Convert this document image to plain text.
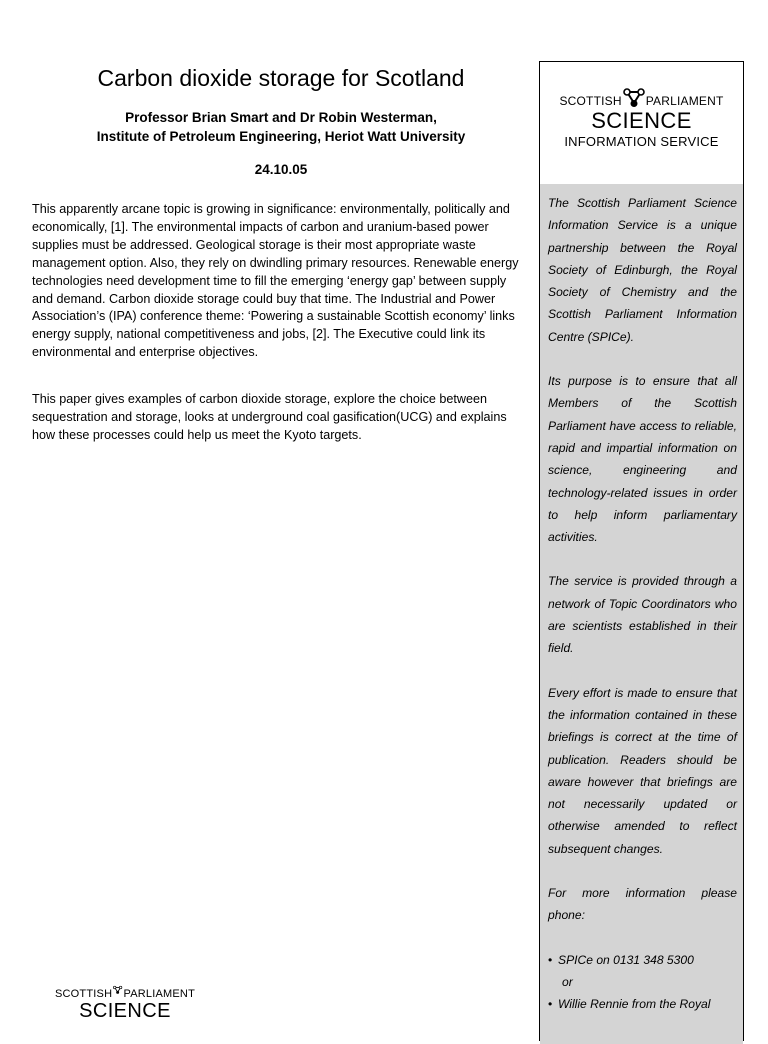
Carbon dioxide storage for Scotland
Professor Brian Smart and Dr Robin Westerman,
Institute of Petroleum Engineering, Heriot Watt University
24.10.05

This apparently arcane topic is growing in significance: environmentally, politically and economically, [1]. The environmental impacts of carbon and uranium-based power supplies must be addressed. Geological storage is their most appropriate waste management option. Also, they rely on dwindling primary resources. Renewable energy technologies need development time to fill the emerging ‘energy gap’ between supply and demand. Carbon dioxide storage could buy that time. The Industrial and Power Association’s (IPA) conference theme: ‘Powering a sustainable Scottish economy’ links energy supply, national competitiveness and jobs, [2]. The Executive could link its environmental and enterprise objectives.

This paper gives examples of carbon dioxide storage, explore the choice between sequestration and storage, looks at underground coal gasification(UCG) and explains how these processes could help us meet the Kyoto targets.

SCOTTISH PARLIAMENT
SCIENCE
SCOTTISH PARLIAMENT
SCIENCE
INFORMATION SERVICE

The Scottish Parliament Science Information Service is a unique partnership between the Royal Society of Edinburgh, the Royal Society of Chemistry and the Scottish Parliament Information Centre (SPICe).

Its purpose is to ensure that all Members of the Scottish Parliament have access to reliable, rapid and impartial information on science, engineering and technology-related issues in order to help inform parliamentary activities.

The service is provided through a network of Topic Coordinators who are scientists established in their field.

Every effort is made to ensure that the information contained in these briefings is correct at the time of publication. Readers should be aware however that briefings are not necessarily updated or otherwise amended to reflect subsequent changes.

For more information please phone:

• SPICe on 0131 348 5300
or
• Willie Rennie from the Royal
